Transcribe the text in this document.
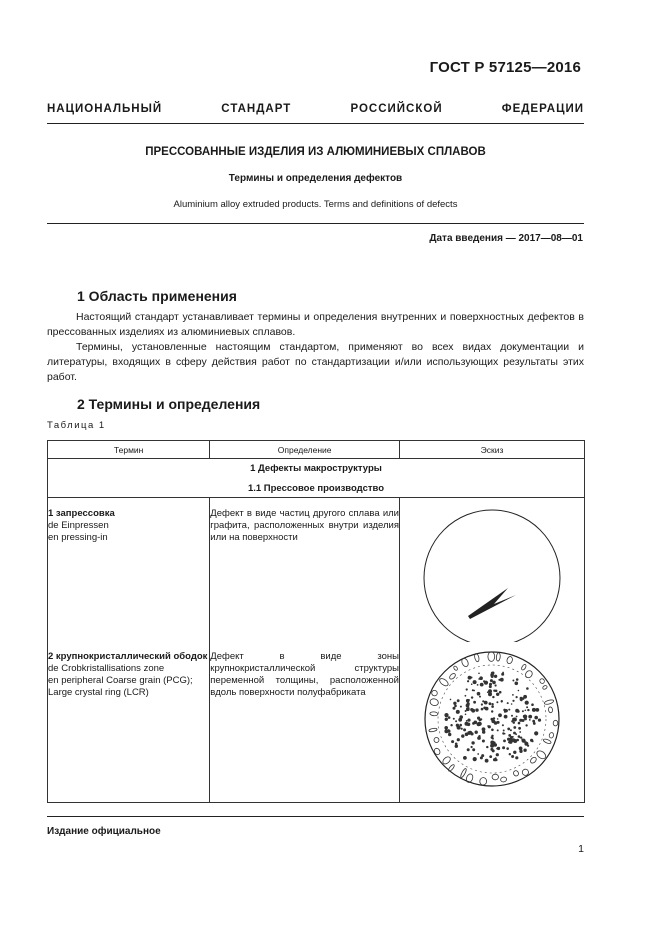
ГОСТ Р 57125—2016
НАЦИОНАЛЬНЫЙ СТАНДАРТ РОССИЙСКОЙ ФЕДЕРАЦИИ
ПРЕССОВАННЫЕ ИЗДЕЛИЯ ИЗ АЛЮМИНИЕВЫХ СПЛАВОВ
Термины и определения дефектов
Aluminium alloy extruded products. Terms and definitions of defects
Дата введения — 2017—08—01
1 Область применения

Настоящий стандарт устанавливает термины и определения внутренних и поверхностных дефектов в прессованных изделиях из алюминиевых сплавов.

Термины, установленные настоящим стандартом, применяют во всех видах документации и литературы, входящих в сферу действия работ по стандартизации и/или использующих результаты этих работ.

2 Термины и определения
Таблица 1
Термин	Определение	Эскиз
1 Дефекты макроструктуры		
1.1 Прессовое производство		

1 запрессовка
de Einpressen
en pressing-in	Дефект в виде частиц другого сплава или графита, расположенных внутри изделия или на поверхности	

2 крупнокристаллический ободок
de Crobkristallisations zone
en peripheral Coarse grain (PCG); Large crystal ring (LCR)	Дефект в виде зоны крупнокристаллической структуры переменной толщины, расположенной вдоль поверхности полуфабриката	
Издание официальное
1
